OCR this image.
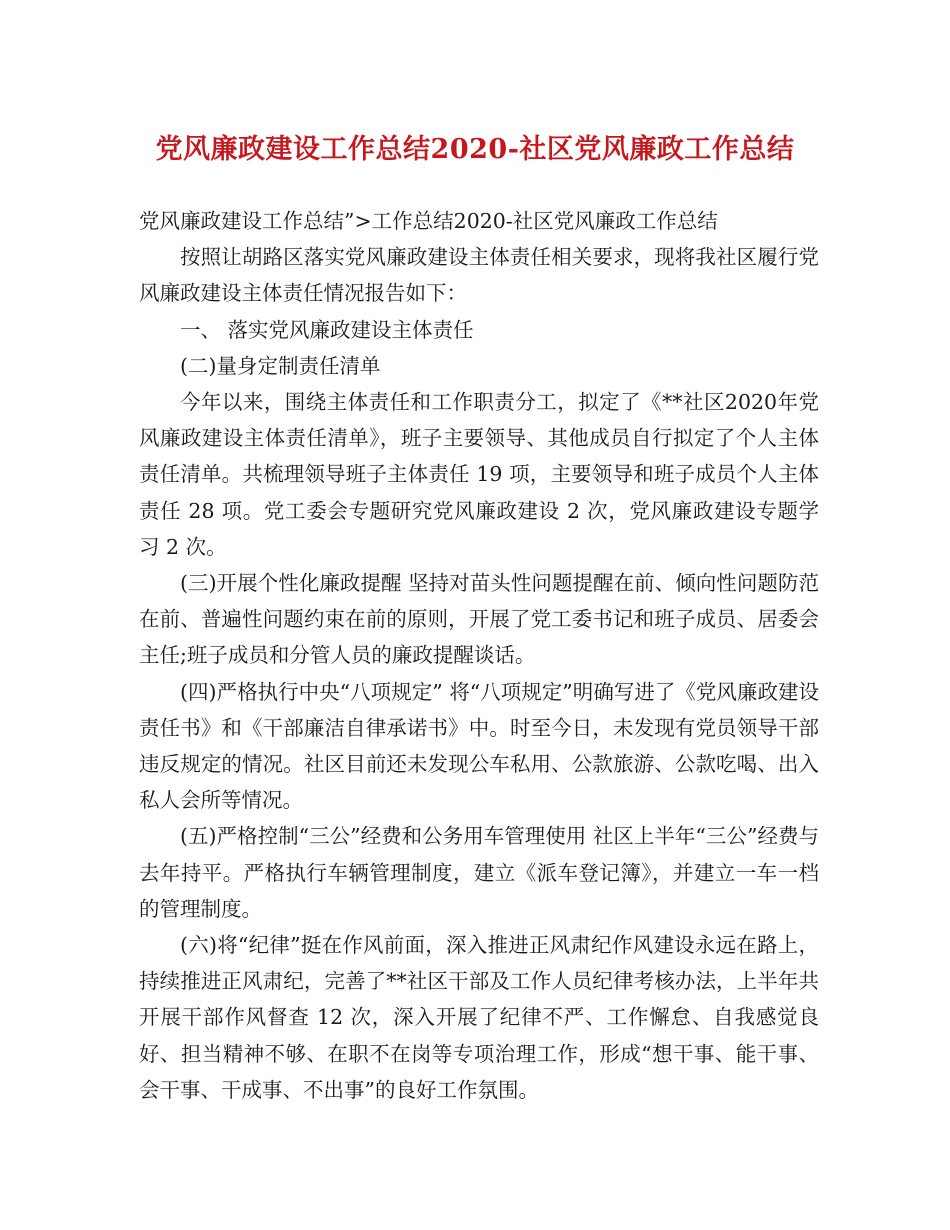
党风廉政建设工作总结2020-社区党风廉政工作总结

党风廉政建设工作总结”>工作总结2020-社区党风廉政工作总结

按照让胡路区落实党风廉政建设主体责任相关要求，现将我社区履行党风廉政建设主体责任情况报告如下：

一、 落实党风廉政建设主体责任

(二)量身定制责任清单

今年以来，围绕主体责任和工作职责分工，拟定了《**社区2020年党风廉政建设主体责任清单》，班子主要领导、其他成员自行拟定了个人主体责任清单。共梳理领导班子主体责任 19 项，主要领导和班子成员个人主体责任 28 项。党工委会专题研究党风廉政建设 2 次，党风廉政建设专题学习 2 次。

(三)开展个性化廉政提醒 坚持对苗头性问题提醒在前、倾向性问题防范在前、普遍性问题约束在前的原则，开展了党工委书记和班子成员、居委会主任;班子成员和分管人员的廉政提醒谈话。

(四)严格执行中央“八项规定” 将“八项规定”明确写进了《党风廉政建设责任书》和《干部廉洁自律承诺书》中。时至今日，未发现有党员领导干部违反规定的情况。社区目前还未发现公车私用、公款旅游、公款吃喝、出入私人会所等情况。

(五)严格控制“三公”经费和公务用车管理使用 社区上半年“三公”经费与去年持平。严格执行车辆管理制度，建立《派车登记簿》，并建立一车一档的管理制度。

(六)将“纪律”挺在作风前面，深入推进正风肃纪作风建设永远在路上，持续推进正风肃纪，完善了**社区干部及工作人员纪律考核办法，上半年共开展干部作风督查 12 次，深入开展了纪律不严、工作懈怠、自我感觉良好、担当精神不够、在职不在岗等专项治理工作，形成“想干事、能干事、会干事、干成事、不出事”的良好工作氛围。
